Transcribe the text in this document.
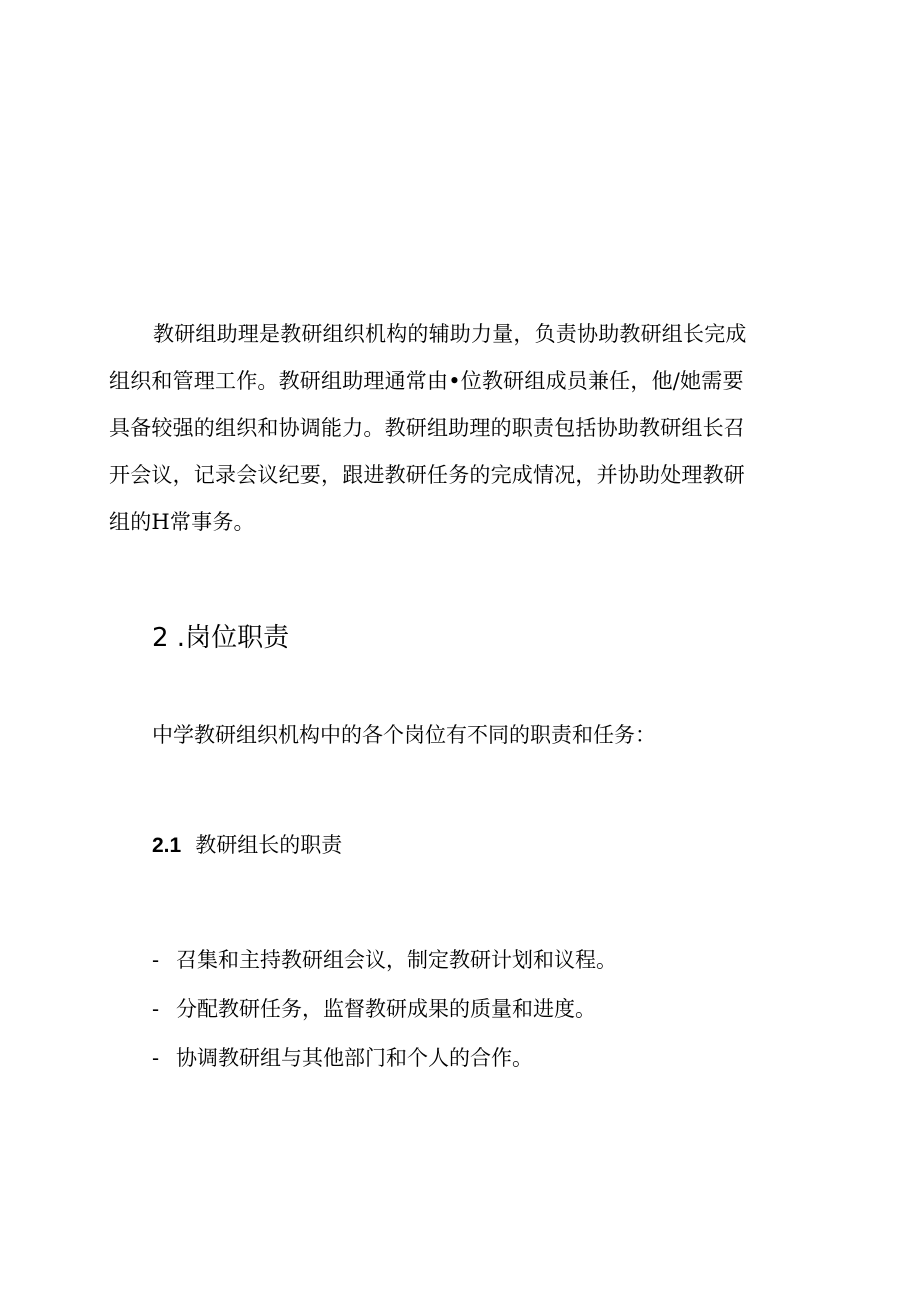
教研组助理是教研组织机构的辅助力量，负责协助教研组长完成
组织和管理工作。教研组助理通常由•位教研组成员兼任，他/她需要
具备较强的组织和协调能力。教研组助理的职责包括协助教研组长召
开会议，记录会议纪要，跟进教研任务的完成情况，并协助处理教研
组的H常事务。
2 .岗位职责
中学教研组织机构中的各个岗位有不同的职责和任务：
2.1 教研组长的职责
- 召集和主持教研组会议，制定教研计划和议程。
- 分配教研任务，监督教研成果的质量和进度。
- 协调教研组与其他部门和个人的合作。
